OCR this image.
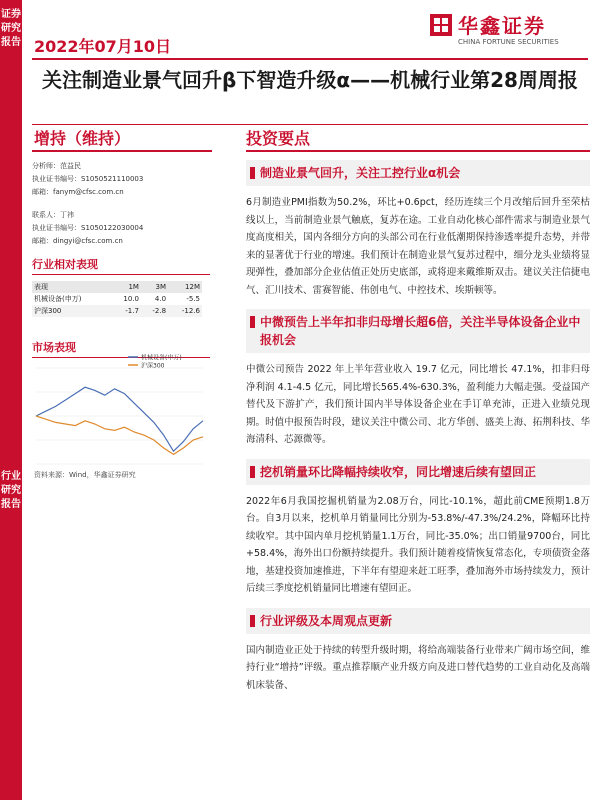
证券研究报告
行业研究报告
2022年07月10日
华鑫证券
CHINA FORTUNE SECURITIES
关注制造业景气回升β下智造升级α——机械行业第28周周报
增持（维持）	投资要点
分析师：范益民
执业证书编号：S1050521110003
邮箱：fanym@cfsc.com.cn
联系人：丁祎
执业证书编号：S1050122030004
邮箱：dingyi@cfsc.com.cn
行业相对表现
表现	1M	3M	12M
机械设备(申万)	10.0	4.0	-5.5
沪深300	-1.7	-2.8	-12.6
市场表现
机械设备(申万)
沪深300
资料来源：Wind，华鑫证券研究
制造业景气回升，关注工控行业α机会
6月制造业PMI指数为50.2%，环比+0.6pct，经历连续三个月改缩后回升至荣枯线以上，当前制造业景气触底，复苏在途。工业自动化核心部件需求与制造业景气度高度相关，国内各细分方向的头部公司在行业低潮期保持渗透率提升态势，并带来的显著优于行业的增速。我们预计在制造业景气复苏过程中，细分龙头业绩将显现弹性，叠加部分企业估值正处历史底部，或将迎来戴维斯双击。建议关注信捷电气、汇川技术、雷赛智能、伟创电气、中控技术、埃斯顿等。
中微预告上半年扣非归母增长超6倍，关注半导体设备企业中报机会
中微公司预告 2022 年上半年营业收入 19.7 亿元，同比增长 47.1%，扣非归母净利润 4.1-4.5 亿元，同比增长565.4%-630.3%，盈利能力大幅走强。受益国产替代及下游扩产，我们预计国内半导体设备企业在手订单充沛，正进入业绩兑现期。时值中报预告时段，建议关注中微公司、北方华创、盛美上海、拓荆科技、华海清科、芯源微等。
挖机销量环比降幅持续收窄，同比增速后续有望回正
2022年6月我国挖掘机销量为2.08万台，同比-10.1%，超此前CME预期1.8万台。自3月以来，挖机单月销量同比分别为-53.8%/-47.3%/24.2%，降幅环比持续收窄。其中国内单月挖机销量1.1万台，同比-35.0%；出口销量9700台，同比+58.4%，海外出口份额持续提升。我们预计随着疫情恢复常态化，专项债资金落地，基建投资加速推进，下半年有望迎来赶工旺季，叠加海外市场持续发力，预计后续三季度挖机销量同比增速有望回正。
行业评级及本周观点更新
国内制造业正处于持续的转型升级时期，将给高端装备行业带来广阔市场空间，维持行业“增持”评级。重点推荐顺产业升级方向及进口替代趋势的工业自动化及高端机床装备、
